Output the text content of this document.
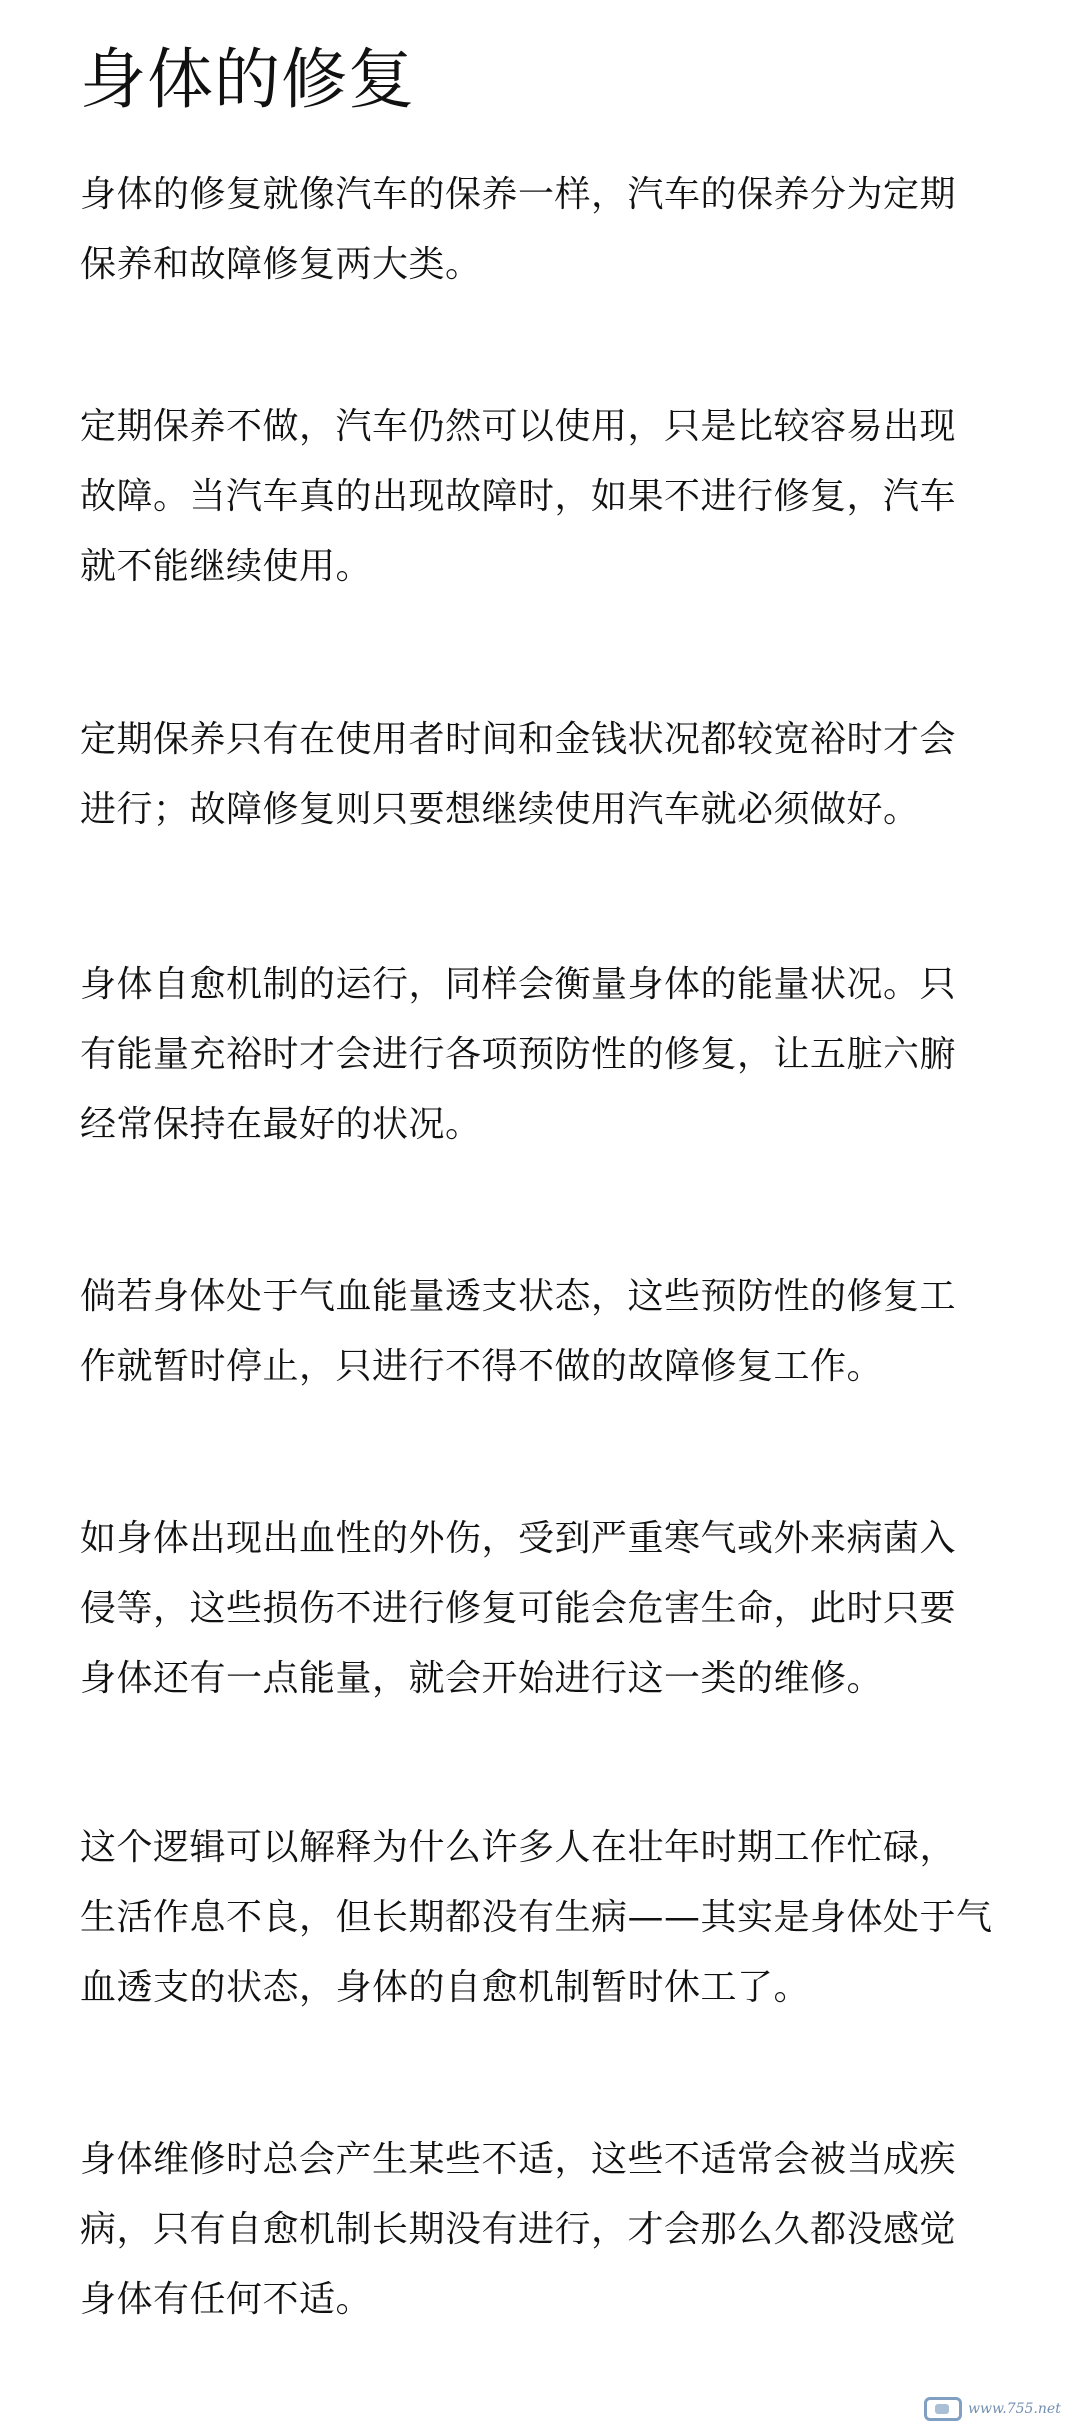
身体的修复

身体的修复就像汽车的保养一样，汽车的保养分为定期
保养和故障修复两大类。

定期保养不做，汽车仍然可以使用，只是比较容易出现
故障。当汽车真的出现故障时，如果不进行修复，汽车
就不能继续使用。

定期保养只有在使用者时间和金钱状况都较宽裕时才会
进行；故障修复则只要想继续使用汽车就必须做好。

身体自愈机制的运行，同样会衡量身体的能量状况。只
有能量充裕时才会进行各项预防性的修复，让五脏六腑
经常保持在最好的状况。

倘若身体处于气血能量透支状态，这些预防性的修复工
作就暂时停止，只进行不得不做的故障修复工作。

如身体出现出血性的外伤，受到严重寒气或外来病菌入
侵等，这些损伤不进行修复可能会危害生命，此时只要
身体还有一点能量，就会开始进行这一类的维修。

这个逻辑可以解释为什么许多人在壮年时期工作忙碌，
生活作息不良，但长期都没有生病——其实是身体处于气
血透支的状态，身体的自愈机制暂时休工了。

身体维修时总会产生某些不适，这些不适常会被当成疾
病，只有自愈机制长期没有进行，才会那么久都没感觉
身体有任何不适。

www.755.net
